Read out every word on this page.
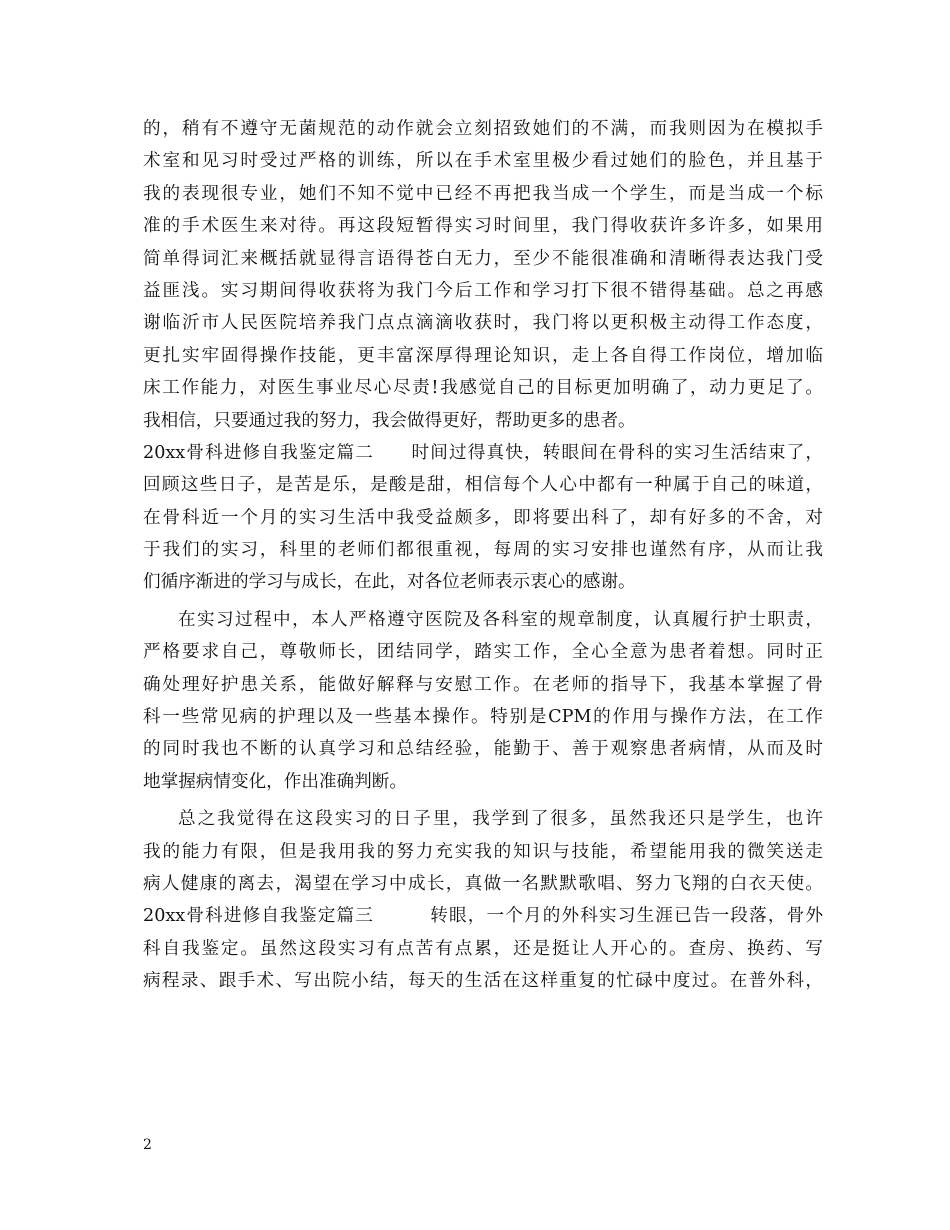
的，稍有不遵守无菌规范的动作就会立刻招致她们的不满，而我则因为在模拟手
术室和见习时受过严格的训练，所以在手术室里极少看过她们的脸色，并且基于
我的表现很专业，她们不知不觉中已经不再把我当成一个学生，而是当成一个标
准的手术医生来对待。再这段短暂得实习时间里，我门得收获许多许多，如果用
简单得词汇来概括就显得言语得苍白无力，至少不能很准确和清晰得表达我门受
益匪浅。实习期间得收获将为我门今后工作和学习打下很不错得基础。总之再感
谢临沂市人民医院培养我门点点滴滴收获时，我门将以更积极主动得工作态度，
更扎实牢固得操作技能，更丰富深厚得理论知识，走上各自得工作岗位，增加临
床工作能力，对医生事业尽心尽责!我感觉自己的目标更加明确了，动力更足了。
我相信，只要通过我的努力，我会做得更好，帮助更多的患者。
20xx骨科进修自我鉴定篇二　　时间过得真快，转眼间在骨科的实习生活结束了，
回顾这些日子，是苦是乐，是酸是甜，相信每个人心中都有一种属于自己的味道，
在骨科近一个月的实习生活中我受益颇多，即将要出科了，却有好多的不舍，对
于我们的实习，科里的老师们都很重视，每周的实习安排也谨然有序，从而让我
们循序渐进的学习与成长，在此，对各位老师表示衷心的感谢。
在实习过程中，本人严格遵守医院及各科室的规章制度，认真履行护士职责，
严格要求自己，尊敬师长，团结同学，踏实工作，全心全意为患者着想。同时正
确处理好护患关系，能做好解释与安慰工作。在老师的指导下，我基本掌握了骨
科一些常见病的护理以及一些基本操作。特别是CPM的作用与操作方法，在工作
的同时我也不断的认真学习和总结经验，能勤于、善于观察患者病情，从而及时
地掌握病情变化，作出准确判断。
总之我觉得在这段实习的日子里，我学到了很多，虽然我还只是学生，也许
我的能力有限，但是我用我的努力充实我的知识与技能，希望能用我的微笑送走
病人健康的离去，渴望在学习中成长，真做一名默默歌唱、努力飞翔的白衣天使。
20xx骨科进修自我鉴定篇三　　　转眼，一个月的外科实习生涯已告一段落，骨外
科自我鉴定。虽然这段实习有点苦有点累，还是挺让人开心的。查房、换药、写
病程录、跟手术、写出院小结，每天的生活在这样重复的忙碌中度过。在普外科，
2
